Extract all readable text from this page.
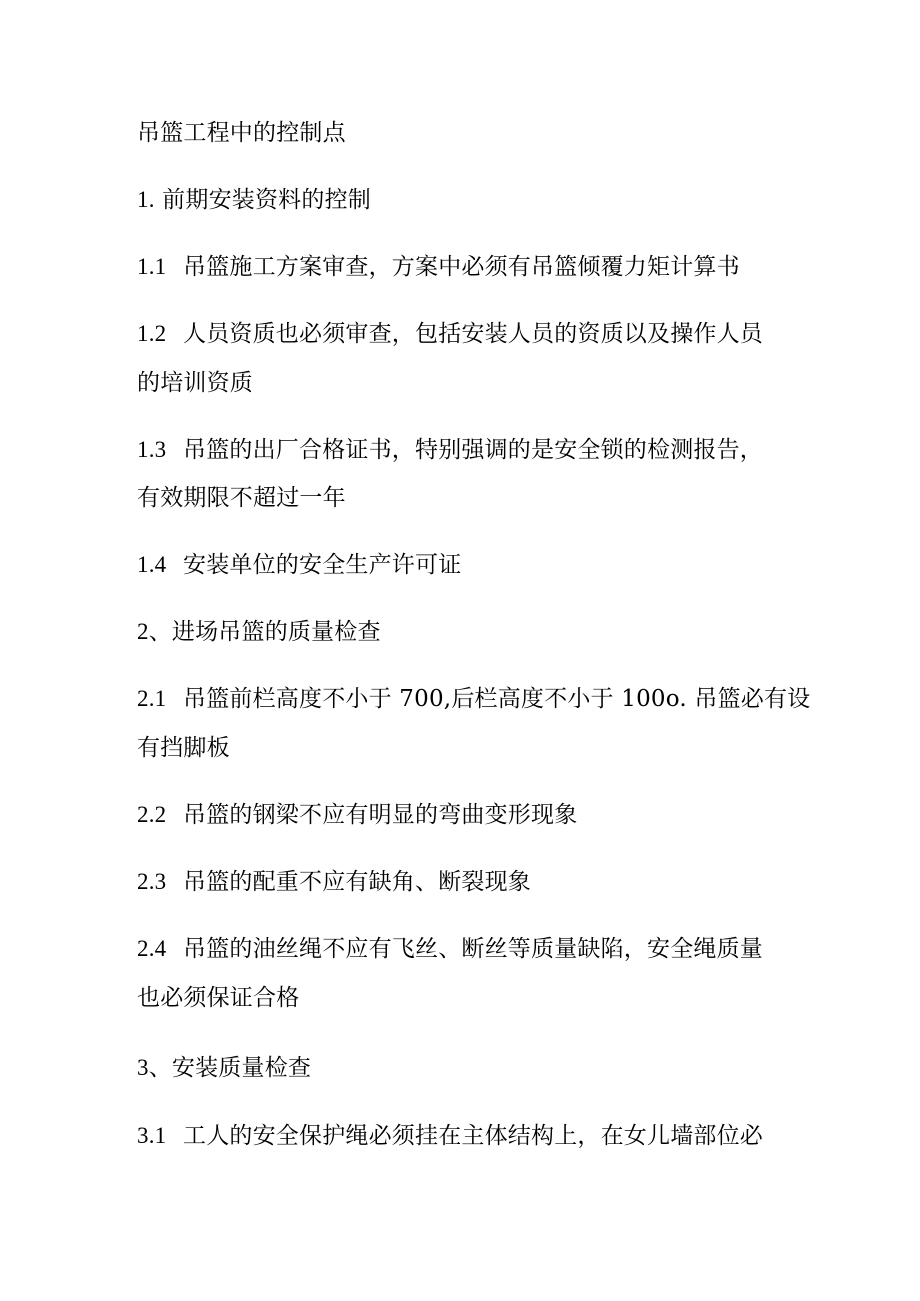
吊篮工程中的控制点
1. 前期安装资料的控制
1.1 吊篮施工方案审查，方案中必须有吊篮倾覆力矩计算书
1.2 人员资质也必须审查，包括安装人员的资质以及操作人员
的培训资质
1.3 吊篮的出厂合格证书，特别强调的是安全锁的检测报告，
有效期限不超过一年
1.4 安装单位的安全生产许可证
2、进场吊篮的质量检查
2.1 吊篮前栏高度不小于 700,后栏高度不小于 100o. 吊篮必有设
有挡脚板
2.2 吊篮的钢梁不应有明显的弯曲变形现象
2.3 吊篮的配重不应有缺角、断裂现象
2.4 吊篮的油丝绳不应有飞丝、断丝等质量缺陷，安全绳质量
也必须保证合格
3、安装质量检查
3.1 工人的安全保护绳必须挂在主体结构上，在女儿墙部位必
